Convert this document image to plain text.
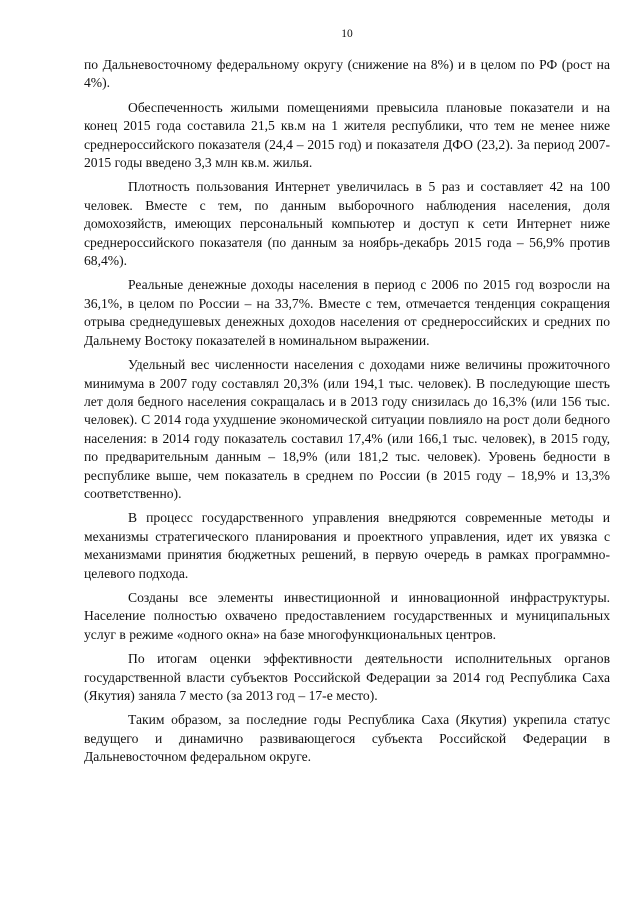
10

по Дальневосточному федеральному округу (снижение на 8%) и в целом по РФ (рост на 4%).

Обеспеченность жилыми помещениями превысила плановые показатели и на конец 2015 года составила 21,5 кв.м на 1 жителя республики, что тем не менее ниже среднероссийского показателя (24,4 – 2015 год) и показателя ДФО (23,2). За период 2007-2015 годы введено 3,3 млн кв.м. жилья.

Плотность пользования Интернет увеличилась в 5 раз и составляет 42 на 100 человек. Вместе с тем, по данным выборочного наблюдения населения, доля домохозяйств, имеющих персональный компьютер и доступ к сети Интернет ниже среднероссийского показателя (по данным за ноябрь-декабрь 2015 года – 56,9% против 68,4%).

Реальные денежные доходы населения в период с 2006 по 2015 год возросли на 36,1%, в целом по России – на 33,7%. Вместе с тем, отмечается тенденция сокращения отрыва среднедушевых денежных доходов населения от среднероссийских и средних по Дальнему Востоку показателей в номинальном выражении.

Удельный вес численности населения с доходами ниже величины прожиточного минимума в 2007 году составлял 20,3% (или 194,1 тыс. человек). В последующие шесть лет доля бедного населения сокращалась и в 2013 году снизилась до 16,3% (или 156 тыс. человек). С 2014 года ухудшение экономической ситуации повлияло на рост доли бедного населения: в 2014 году показатель составил 17,4% (или 166,1 тыс. человек), в 2015 году, по предварительным данным – 18,9% (или 181,2 тыс. человек). Уровень бедности в республике выше, чем показатель в среднем по России (в 2015 году – 18,9% и 13,3% соответственно).

В процесс государственного управления внедряются современные методы и механизмы стратегического планирования и проектного управления, идет их увязка с механизмами принятия бюджетных решений, в первую очередь в рамках программно-целевого подхода.

Созданы все элементы инвестиционной и инновационной инфраструктуры. Население полностью охвачено предоставлением государственных и муниципальных услуг в режиме «одного окна» на базе многофункциональных центров.

По итогам оценки эффективности деятельности исполнительных органов государственной власти субъектов Российской Федерации за 2014 год Республика Саха (Якутия) заняла 7 место (за 2013 год – 17-е место).

Таким образом, за последние годы Республика Саха (Якутия) укрепила статус ведущего и динамично развивающегося субъекта Российской Федерации в Дальневосточном федеральном округе.
